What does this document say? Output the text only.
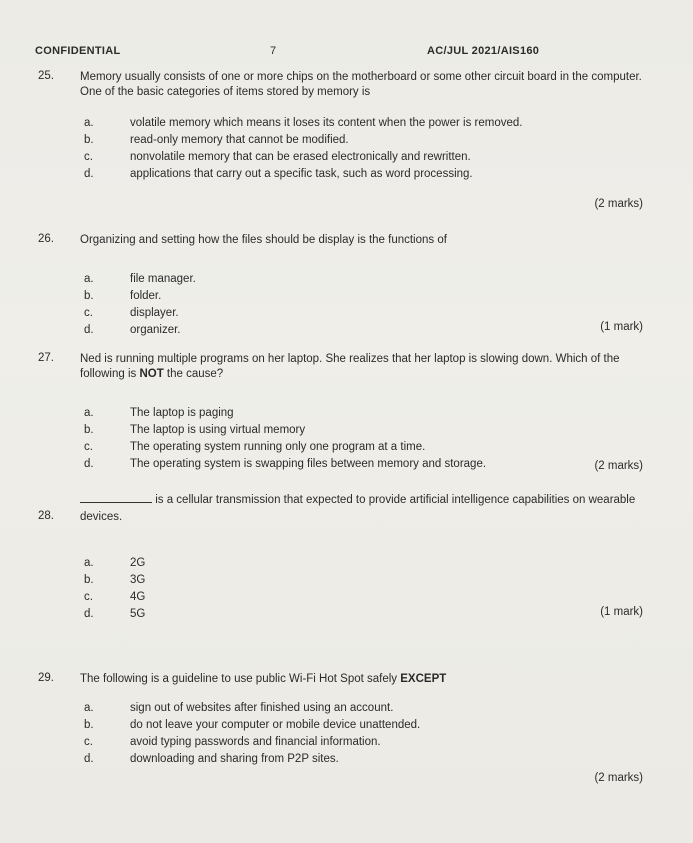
CONFIDENTIAL	7	AC/JUL 2021/AIS160
25. Memory usually consists of one or more chips on the motherboard or some other circuit board in the computer. One of the basic categories of items stored by memory is
a.	volatile memory which means it loses its content when the power is removed.
b.	read-only memory that cannot be modified.
c.	nonvolatile memory that can be erased electronically and rewritten.
d.	applications that carry out a specific task, such as word processing.
(2 marks)
26. Organizing and setting how the files should be display is the functions of
a.	file manager.
b.	folder.
c.	displayer.
d.	organizer.	(1 mark)
27. Ned is running multiple programs on her laptop. She realizes that her laptop is slowing down. Which of the following is NOT the cause?
a.	The laptop is paging
b.	The laptop is using virtual memory
c.	The operating system running only one program at a time.
d.	The operating system is swapping files between memory and storage.	(2 marks)
28.
is a cellular transmission that expected to provide artificial intelligence capabilities on wearable devices.
a.	2G
b.	3G
c.	4G
d.	5G	(1 mark)
29. The following is a guideline to use public Wi-Fi Hot Spot safely EXCEPT
a.	sign out of websites after finished using an account.
b.	do not leave your computer or mobile device unattended.
c.	avoid typing passwords and financial information.
d.	downloading and sharing from P2P sites.
(2 marks)
